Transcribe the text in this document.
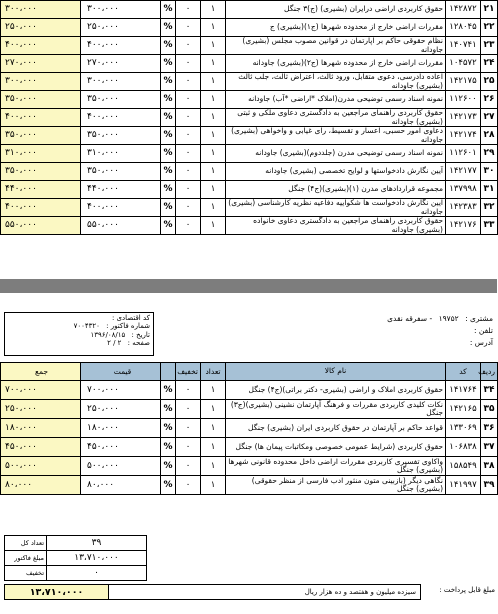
۲۱	۱۴۲۸۷۲	حقوق کاربردی اراضی درایران (بشیری) (ج)۳ جنگل	۱	۰	%	۳۰۰،۰۰۰	۳۰۰،۰۰۰
۲۲	۱۲۸۰۴۵	مقررات اراضی خارج از محدوده شهرها (ج۱)(بشیری) ج	۱	۰	%	۲۵۰،۰۰۰	۲۵۰،۰۰۰
۲۳	۱۴۰۷۴۱	نظام حقوقی حاکم بر آپارتمان در قوانین مصوب مجلس (بشیری) جاودانه	۱	۰	%	۴۰۰،۰۰۰	۴۰۰،۰۰۰
۲۴	۱۰۴۵۷۲	مقررات اراضی خارج از محدوده شهرها (ج۲)(بشیری) جاودانه	۱	۰	%	۲۷۰،۰۰۰	۲۷۰،۰۰۰
۲۵	۱۴۲۱۷۵	اعاده دادرسی، دعوی متقابل، ورود ثالث، اعتراض ثالث، جلب ثالث (بشیری) جاودانه	۱	۰	%	۳۰۰،۰۰۰	۳۰۰،۰۰۰
۲۶	۱۱۲۶۰۰	نمونه اسناد رسمی توضیحی مدرن(املاک *اراضی *آب) جاودانه	۱	۰	%	۳۵۰،۰۰۰	۳۵۰،۰۰۰
۲۷	۱۴۲۱۷۳	حقوق کاربردی راهنمای مراجعین به دادگستری دعاوی ملکی و ثبتی (بشیری) جاودانه	۱	۰	%	۴۰۰،۰۰۰	۴۰۰،۰۰۰
۲۸	۱۴۲۱۷۴	دعاوی امور حسبی، اعسار و تقسیط، رای غیابی و واخواهی (بشیری) جاودانه	۱	۰	%	۳۵۰،۰۰۰	۳۵۰،۰۰۰
۲۹	۱۱۲۶۰۱	نمونه اسناد رسمی توضیحی مدرن (جلددوم)(بشیری) جاودانه	۱	۰	%	۳۱۰،۰۰۰	۳۱۰،۰۰۰
۳۰	۱۴۲۱۷۷	آیین نگارش دادخواستها و لوایح تخصصی (بشیری) جاودانه	۱	۰	%	۳۵۰،۰۰۰	۳۵۰،۰۰۰
۳۱	۱۳۷۹۹۸	مجموعه قراردادهای مدرن (۱)(بشیری)(ج۴) جنگل	۱	۰	%	۴۴۰،۰۰۰	۴۴۰،۰۰۰
۳۲	۱۴۲۳۸۳	آیین نگارش دادخواست ها شکواییه دفاعیه نظریه کارشناسی (بشیری) جاودانه	۱	۰	%	۴۰۰،۰۰۰	۴۰۰،۰۰۰
۳۳	۱۴۲۱۷۶	حقوق کاربردی راهنمای مراجعین به دادگستری دعاوی خانواده (بشیری) جاودانه	۱	۰	%	۵۵۰،۰۰۰	۵۵۰،۰۰۰
مشتری : ۱۹۷۵۲ - سفرقه نقدی
تلفن :
آدرس :
کد اقتصادی :
شماره فاکتور : ۷۰۰۴۳۲۰
تاریخ : ۱۳۹۶/۰۸/۱۵
صفحه : ۲ / ۲
ردیف	کد	نام کالا	تعداد	تخفیف		قیمت	جمع
۳۴	۱۴۱۷۶۴	حقوق کاربردی املاک و اراضی (بشیری- دکتر براتی)(ج۴) جنگل	۱	۰	%	۷۰۰،۰۰۰	۷۰۰،۰۰۰
۳۵	۱۴۲۱۶۵	نکات کلیدی کاربردی مقررات و فرهنگ آپارتمان نشینی (بشیری)(ج۳) جنگل	۱	۰	%	۲۵۰،۰۰۰	۲۵۰،۰۰۰
۳۶	۱۳۳۰۶۹	قواعد حاکم بر آپارتمان در حقوق کاربردی ایران (بشیری) جنگل	۱	۰	%	۱۸۰،۰۰۰	۱۸۰،۰۰۰
۳۷	۱۰۶۸۳۸	حقوق کاربردی (شرایط عمومی خصوصی ومکاتبات پیمان ها) جنگل	۱	۰	%	۴۵۰،۰۰۰	۴۵۰،۰۰۰
۳۸	۱۵۸۵۴۹	واکاوی تفسیری کاربردی مقررات اراضی داخل محدوده قانونی شهرها (بشیری) جنگل	۱	۰	%	۵۰۰،۰۰۰	۵۰۰،۰۰۰
۳۹	۱۴۱۹۹۷	نگاهی دیگر (بازبینی متون منثور ادب فارسی از منظر حقوقی) (بشیری) جنگل	۱	۰	%	۸۰،۰۰۰	۸۰،۰۰۰
۳۹	تعداد کل
۱۳،۷۱۰،۰۰۰	مبلغ فاکتور
۰	تخفیف
مبلغ قابل پرداخت :
سیزده میلیون و هفتصد و ده هزار ریال
۱۳،۷۱۰،۰۰۰
